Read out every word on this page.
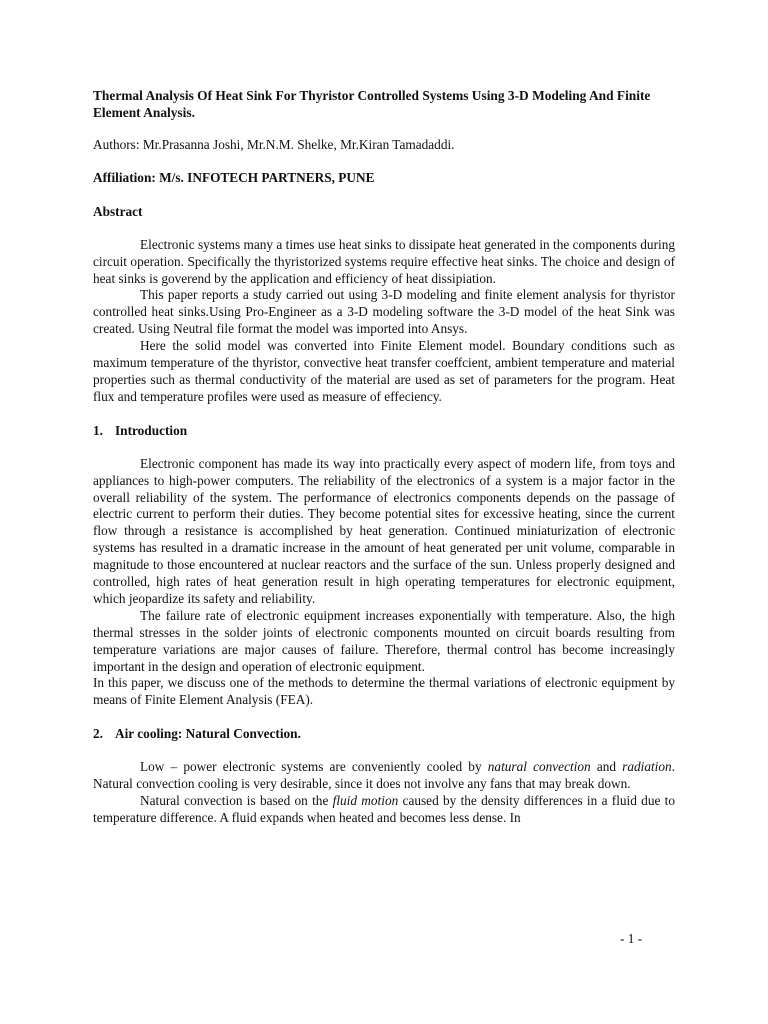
Thermal Analysis Of Heat Sink For Thyristor Controlled Systems Using 3-D Modeling And Finite Element Analysis.

Authors: Mr.Prasanna Joshi, Mr.N.M. Shelke, Mr.Kiran Tamadaddi.

Affiliation: M/s. INFOTECH PARTNERS, PUNE

Abstract

Electronic systems many a times use heat sinks to dissipate heat generated in the components during circuit operation. Specifically the thyristorized systems require effective heat sinks. The choice and design of heat sinks is goverend by the application and efficiency of heat dissipiation.

This paper reports a study carried out using 3-D modeling and finite element analysis for thyristor controlled heat sinks.Using Pro-Engineer as a 3-D modeling software the 3-D model of the heat Sink was created. Using Neutral file format the model was imported into Ansys.

Here the solid model was converted into Finite Element model. Boundary conditions such as maximum temperature of the thyristor, convective heat transfer coeffcient, ambient temperature and material properties such as thermal conductivity of the material are used as set of parameters for the program. Heat flux and temperature profiles were used as measure of effeciency.

1. Introduction

Electronic component has made its way into practically every aspect of modern life, from toys and appliances to high-power computers. The reliability of the electronics of a system is a major factor in the overall reliability of the system. The performance of electronics components depends on the passage of electric current to perform their duties. They become potential sites for excessive heating, since the current flow through a resistance is accomplished by heat generation. Continued miniaturization of electronic systems has resulted in a dramatic increase in the amount of heat generated per unit volume, comparable in magnitude to those encountered at nuclear reactors and the surface of the sun. Unless properly designed and controlled, high rates of heat generation result in high operating temperatures for electronic equipment, which jeopardize its safety and reliability.

The failure rate of electronic equipment increases exponentially with temperature. Also, the high thermal stresses in the solder joints of electronic components mounted on circuit boards resulting from temperature variations are major causes of failure. Therefore, thermal control has become increasingly important in the design and operation of electronic equipment.

In this paper, we discuss one of the methods to determine the thermal variations of electronic equipment by means of Finite Element Analysis (FEA).

2. Air cooling: Natural Convection.

Low – power electronic systems are conveniently cooled by natural convection and radiation. Natural convection cooling is very desirable, since it does not involve any fans that may break down.

Natural convection is based on the fluid motion caused by the density differences in a fluid due to temperature difference. A fluid expands when heated and becomes less dense. In

- 1 -
